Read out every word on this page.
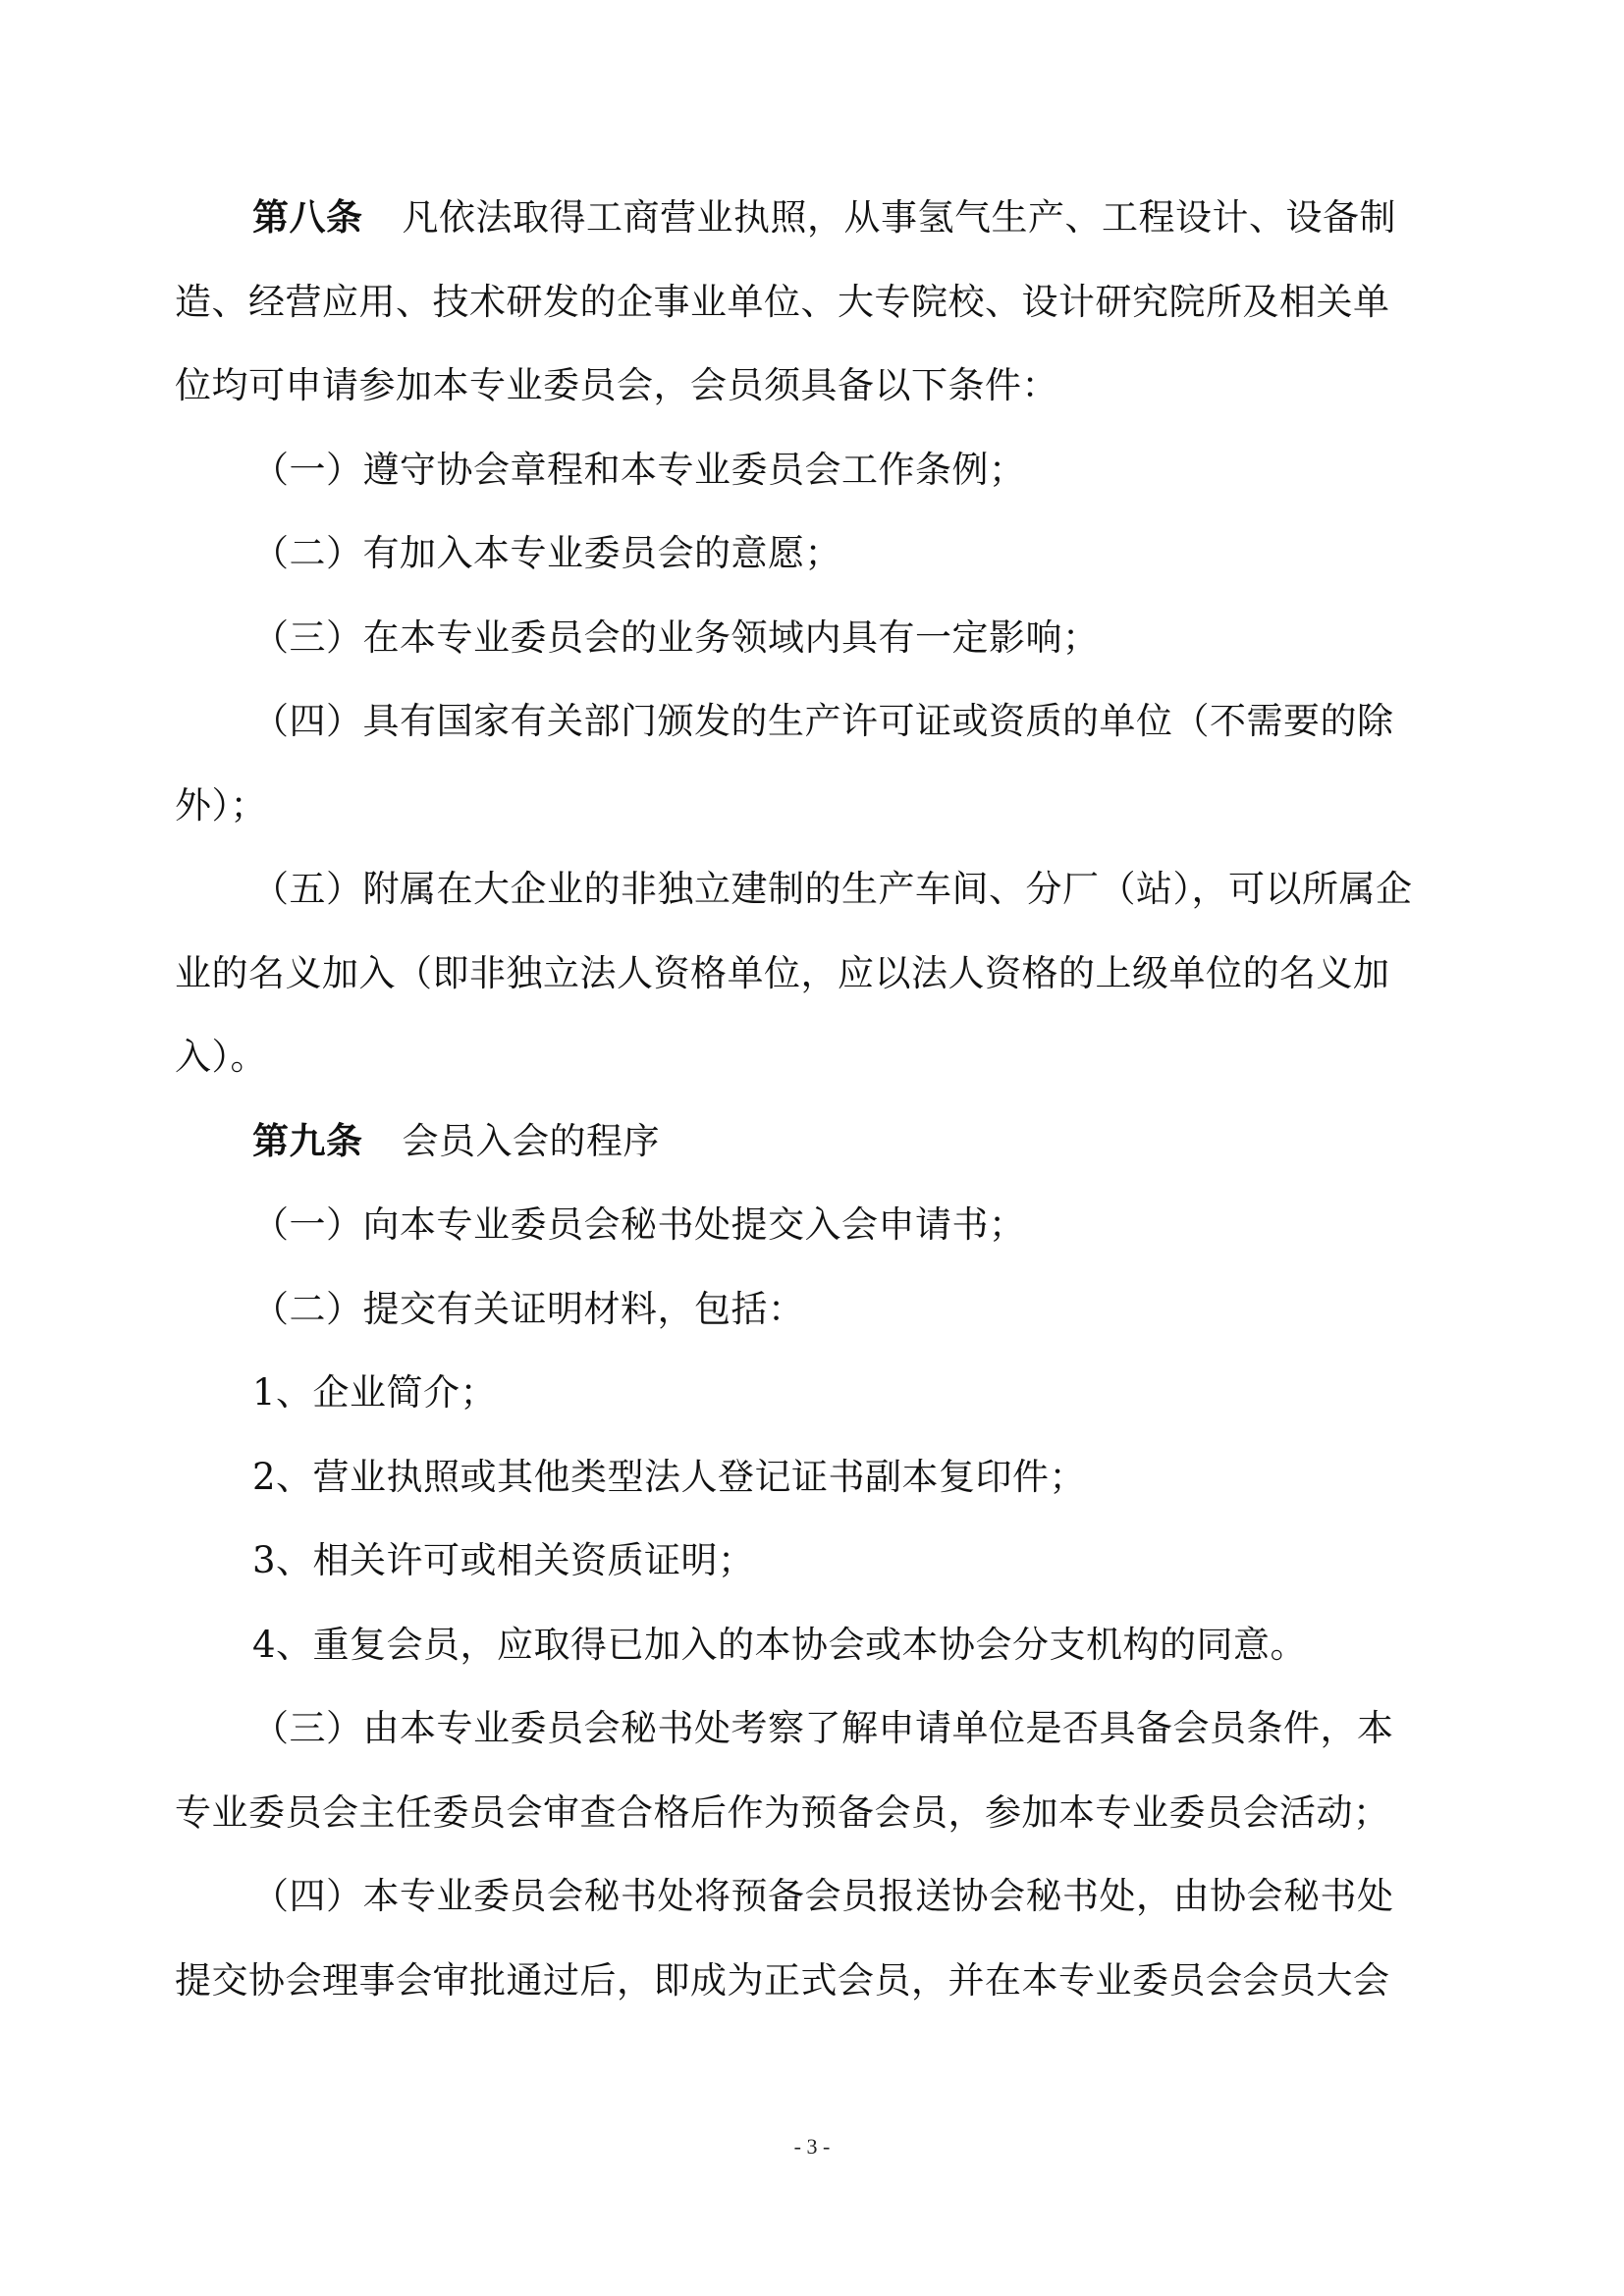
第八条 凡依法取得工商营业执照，从事氢气生产、工程设计、设备制
造、经营应用、技术研发的企事业单位、大专院校、设计研究院所及相关单
位均可申请参加本专业委员会，会员须具备以下条件：
（一）遵守协会章程和本专业委员会工作条例；
（二）有加入本专业委员会的意愿；
（三）在本专业委员会的业务领域内具有一定影响；
（四）具有国家有关部门颁发的生产许可证或资质的单位（不需要的除
外）；
（五）附属在大企业的非独立建制的生产车间、分厂（站），可以所属企
业的名义加入（即非独立法人资格单位，应以法人资格的上级单位的名义加
入）。
第九条 会员入会的程序
（一）向本专业委员会秘书处提交入会申请书；
（二）提交有关证明材料，包括：
1、企业简介；
2、营业执照或其他类型法人登记证书副本复印件；
3、相关许可或相关资质证明；
4、重复会员，应取得已加入的本协会或本协会分支机构的同意。
（三）由本专业委员会秘书处考察了解申请单位是否具备会员条件，本
专业委员会主任委员会审查合格后作为预备会员，参加本专业委员会活动；
（四）本专业委员会秘书处将预备会员报送协会秘书处，由协会秘书处
提交协会理事会审批通过后，即成为正式会员，并在本专业委员会会员大会
- 3 -
